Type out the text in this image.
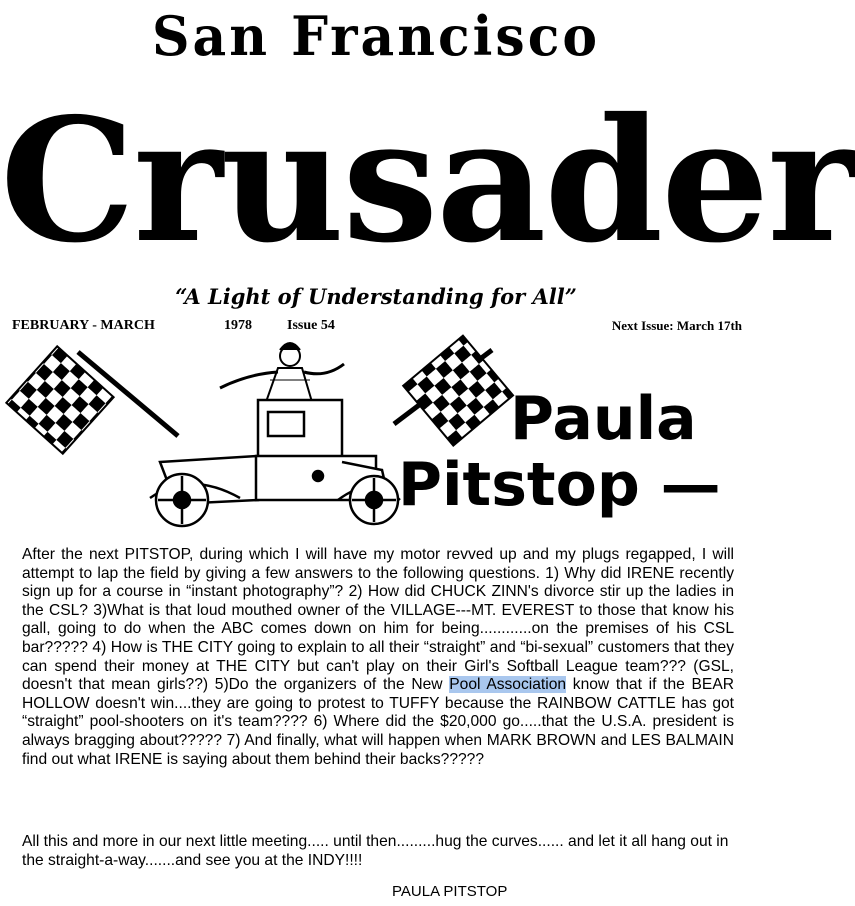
San Francisco
Crusader
“A Light of Understanding for All”
FEBRUARY - MARCH	1978	Issue 54	Next Issue: March 17th
Paula
Pitstop —

After the next PITSTOP, during which I will have my motor revved up and my plugs regapped, I will attempt to lap the field by giving a few answers to the following questions. 1) Why did IRENE recently sign up for a course in “instant photography”? 2) How did CHUCK ZINN's divorce stir up the ladies in the CSL? 3)What is that loud mouthed owner of the VILLAGE---MT. EVEREST to those that know his gall, going to do when the ABC comes down on him for being............on the premises of his CSL bar????? 4) How is THE CITY going to explain to all their “straight” and “bi-sexual” customers that they can spend their money at THE CITY but can't play on their Girl's Softball League team??? (GSL, doesn't that mean girls??) 5)Do the organizers of the New Pool Association know that if the BEAR HOLLOW doesn't win....they are going to protest to TUFFY because the RAINBOW CATTLE has got “straight” pool-shooters on it's team???? 6) Where did the $20,000 go.....that the U.S.A. president is always bragging about????? 7) And finally, what will happen when MARK BROWN and LES BALMAIN find out what IRENE is saying about them behind their backs?????

All this and more in our next little meeting..... until then.........hug the curves...... and let it all hang out in the straight-a-way.......and see you at the INDY!!!!
PAULA PITSTOP
